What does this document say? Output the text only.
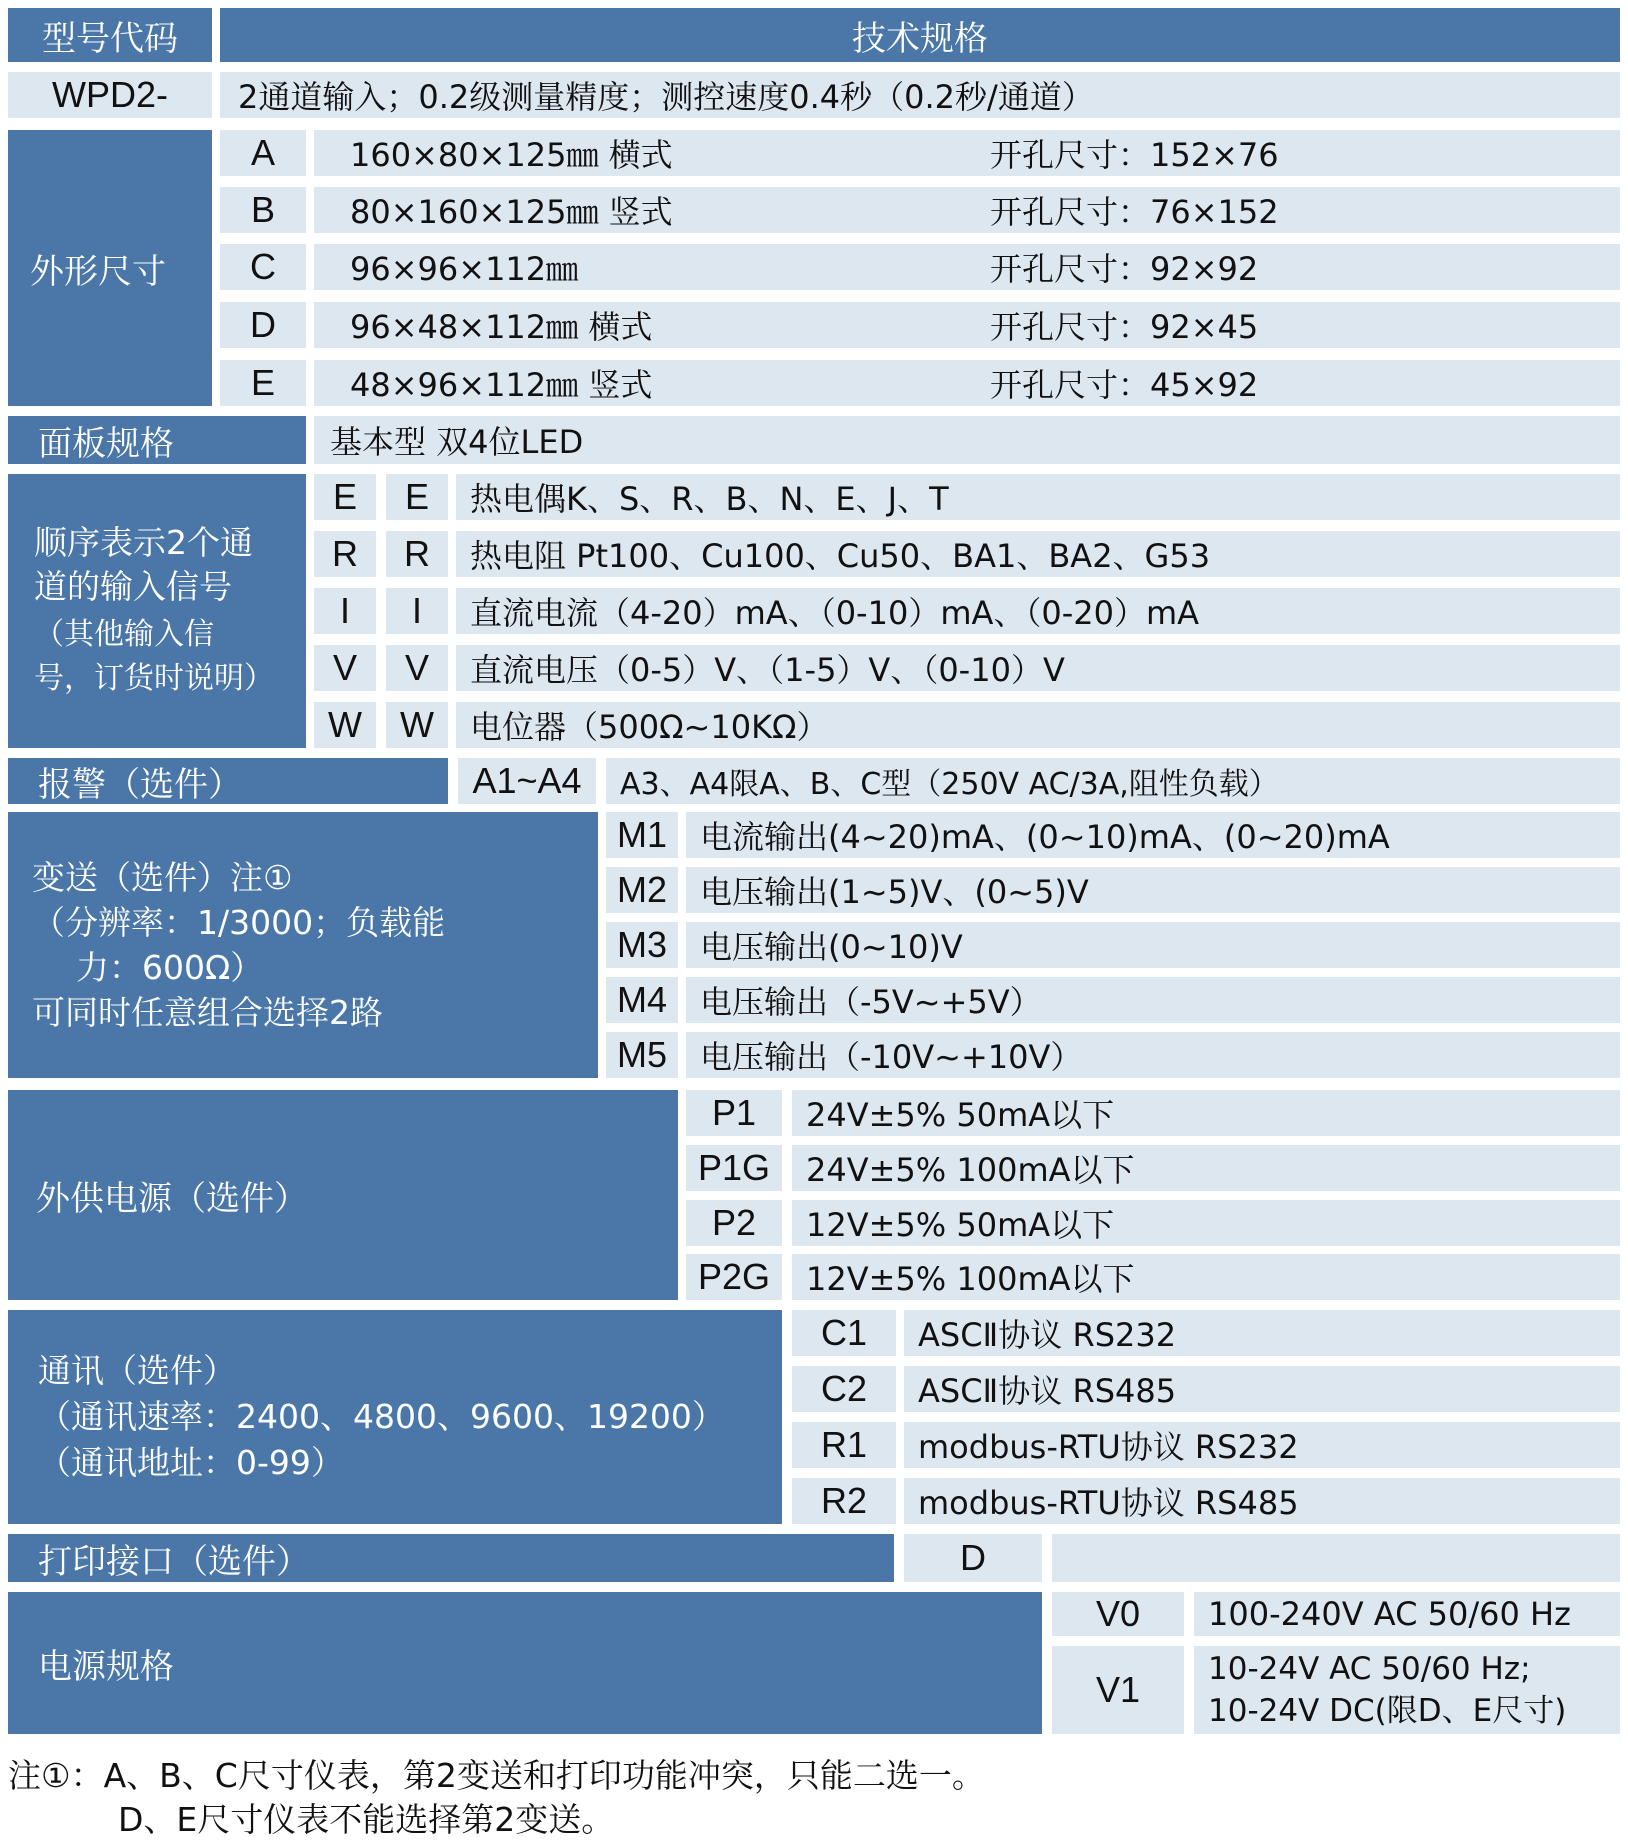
型号代码	技术规格
WPD2-	2通道输入；0.2级测量精度；测控速度0.4秒（0.2秒/通道）
外形尺寸
A	160×80×125㎜ 横式	开孔尺寸：152×76
B	80×160×125㎜ 竖式	开孔尺寸：76×152
C	96×96×112㎜	开孔尺寸：92×92
D	96×48×112㎜ 横式	开孔尺寸：92×45
E	48×96×112㎜ 竖式	开孔尺寸：45×92
面板规格	基本型 双4位LED
顺序表示2个通
道的输入信号
（其他输入信
号，订货时说明）
E	E	热电偶K、S、R、B、N、E、J、T
R	R	热电阻 Pt100、Cu100、Cu50、BA1、BA2、G53
I	I	直流电流（4-20）mA、（0-10）mA、（0-20）mA
V	V	直流电压（0-5）V、（1-5）V、（0-10）V
W	W	电位器（500Ω~10KΩ）
报警（选件）	A1~A4	A3、A4限A、B、C型（250V AC/3A,阻性负载）
变送（选件）注①
（分辨率：1/3000；负载能
力：600Ω）
可同时任意组合选择2路
M1	电流输出(4~20)mA、(0~10)mA、(0~20)mA
M2	电压输出(1~5)V、(0~5)V
M3	电压输出(0~10)V
M4	电压输出（-5V~+5V）
M5	电压输出（-10V~+10V）
外供电源（选件）
P1	24V±5% 50mA以下
P1G	24V±5% 100mA以下
P2	12V±5% 50mA以下
P2G	12V±5% 100mA以下
通讯（选件）
（通讯速率：2400、4800、9600、19200）
（通讯地址：0-99）
C1	ASCⅡ协议 RS232
C2	ASCⅡ协议 RS485
R1	modbus-RTU协议 RS232
R2	modbus-RTU协议 RS485
打印接口（选件）	D
电源规格
V0	100-240V AC 50/60 Hz
V1	10-24V AC 50/60 Hz;
10-24V DC(限D、E尺寸)
注①：A、B、C尺寸仪表，第2变送和打印功能冲突，只能二选一。
D、E尺寸仪表不能选择第2变送。
